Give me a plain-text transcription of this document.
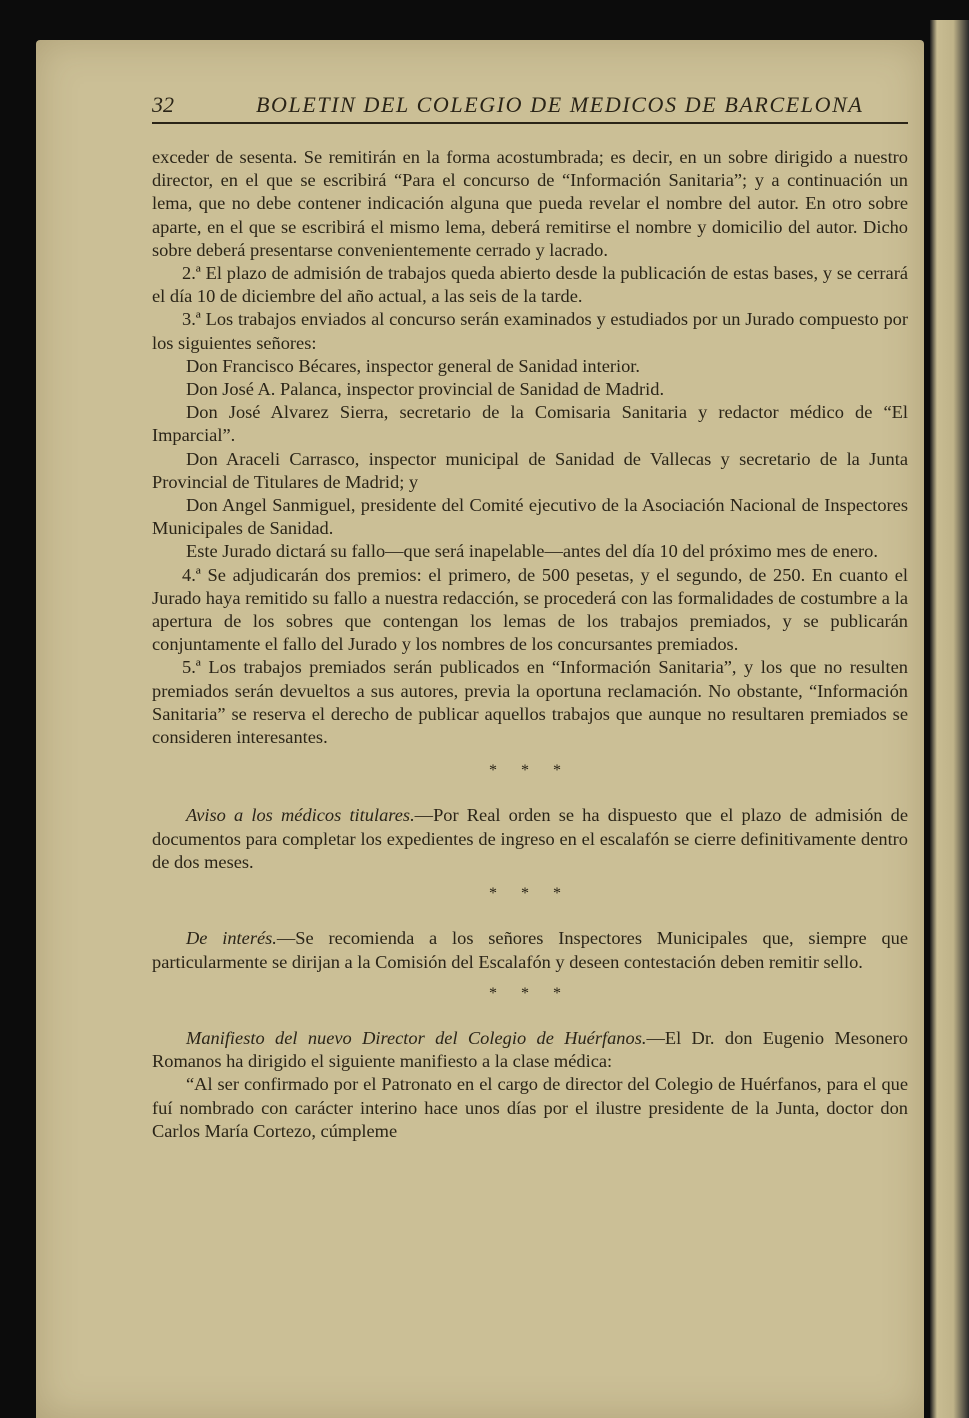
32	BOLETIN DEL COLEGIO DE MEDICOS DE BARCELONA

exceder de sesenta. Se remitirán en la forma acostumbrada; es decir, en un sobre dirigido a nuestro director, en el que se escribirá “Para el concurso de “Información Sanitaria”; y a continuación un lema, que no debe contener indicación alguna que pueda revelar el nombre del autor. En otro sobre aparte, en el que se escribirá el mismo lema, deberá remitirse el nombre y domicilio del autor. Dicho sobre deberá presentarse convenientemente cerrado y lacrado.

2.ª El plazo de admisión de trabajos queda abierto desde la publicación de estas bases, y se cerrará el día 10 de diciembre del año actual, a las seis de la tarde.

3.ª Los trabajos enviados al concurso serán examinados y estudiados por un Jurado compuesto por los siguientes señores:

Don Francisco Bécares, inspector general de Sanidad interior.

Don José A. Palanca, inspector provincial de Sanidad de Madrid.

Don José Alvarez Sierra, secretario de la Comisaria Sanitaria y redactor médico de “El Imparcial”.

Don Araceli Carrasco, inspector municipal de Sanidad de Vallecas y secretario de la Junta Provincial de Titulares de Madrid; y

Don Angel Sanmiguel, presidente del Comité ejecutivo de la Asociación Nacional de Inspectores Municipales de Sanidad.

Este Jurado dictará su fallo—que será inapelable—antes del día 10 del próximo mes de enero.

4.ª Se adjudicarán dos premios: el primero, de 500 pesetas, y el segundo, de 250. En cuanto el Jurado haya remitido su fallo a nuestra redacción, se procederá con las formalidades de costumbre a la apertura de los sobres que contengan los lemas de los trabajos premiados, y se publicarán conjuntamente el fallo del Jurado y los nombres de los concursantes premiados.

5.ª Los trabajos premiados serán publicados en “Información Sanitaria”, y los que no resulten premiados serán devueltos a sus autores, previa la oportuna reclamación. No obstante, “Información Sanitaria” se reserva el derecho de publicar aquellos trabajos que aunque no resultaren premiados se consideren interesantes.

* * *

Aviso a los médicos titulares.—Por Real orden se ha dispuesto que el plazo de admisión de documentos para completar los expedientes de ingreso en el escalafón se cierre definitivamente dentro de dos meses.

* * *

De interés.—Se recomienda a los señores Inspectores Municipales que, siempre que particularmente se dirijan a la Comisión del Escalafón y deseen contestación deben remitir sello.

* * *

Manifiesto del nuevo Director del Colegio de Huérfanos.—El Dr. don Eugenio Mesonero Romanos ha dirigido el siguiente manifiesto a la clase médica:

“Al ser confirmado por el Patronato en el cargo de director del Colegio de Huérfanos, para el que fuí nombrado con carácter interino hace unos días por el ilustre presidente de la Junta, doctor don Carlos María Cortezo, cúmpleme
